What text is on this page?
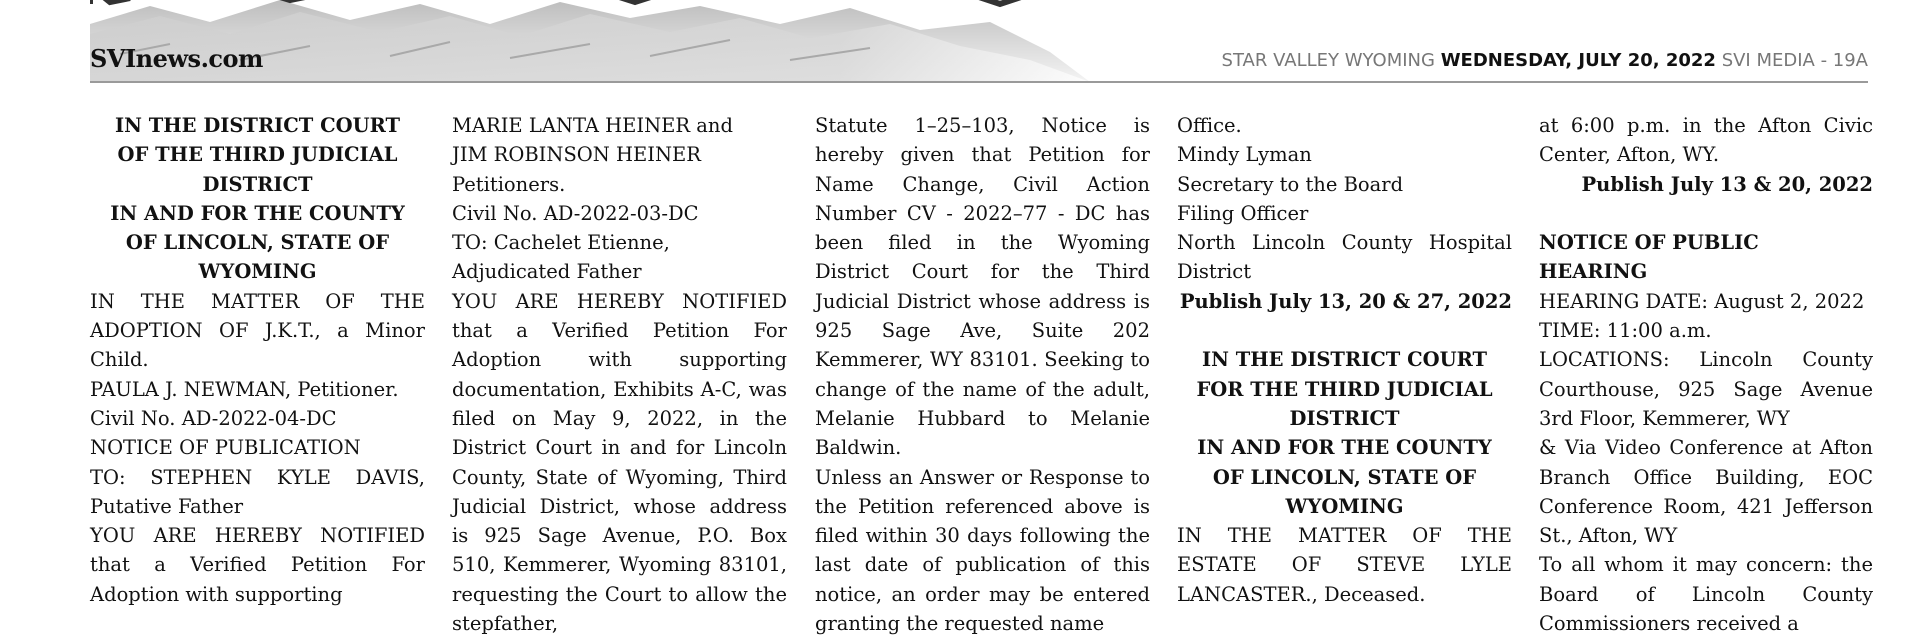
SVInews.com	STAR VALLEY WYOMING WEDNESDAY, JULY 20, 2022 SVI MEDIA - 19A

IN THE DISTRICT COURT

OF THE THIRD JUDICIAL

DISTRICT

IN AND FOR THE COUNTY

OF LINCOLN, STATE OF

WYOMING

IN THE MATTER OF THE ADOPTION OF J.K.T., a Minor Child.

PAULA J. NEWMAN, Petitioner.

Civil No. AD-2022-04-DC

NOTICE OF PUBLICATION

TO: STEPHEN KYLE DAVIS, Putative Father

YOU ARE HEREBY NOTIFIED that a Verified Petition For Adoption with supporting

MARIE LANTA HEINER and

JIM ROBINSON HEINER

Petitioners.

Civil No. AD-2022-03-DC

TO: Cachelet Etienne, Adjudicated Father

YOU ARE HEREBY NOTIFIED that a Verified Petition For Adoption with supporting documentation, Exhibits A-C, was filed on May 9, 2022, in the District Court in and for Lincoln County, State of Wyoming, Third Judicial District, whose address is 925 Sage Avenue, P.O. Box 510, Kemmerer, Wyoming 83101, requesting the Court to allow the stepfather,

Statute 1–25–103, Notice is hereby given that Petition for Name Change, Civil Action Number CV - 2022–77 - DC has been filed in the Wyoming District Court for the Third Judicial District whose address is 925 Sage Ave, Suite 202 Kemmerer, WY 83101. Seeking to change of the name of the adult, Melanie Hubbard to Melanie Baldwin.

Unless an Answer or Response to the Petition referenced above is filed within 30 days following the last date of publication of this notice, an order may be entered granting the requested name

Office.

Mindy Lyman

Secretary to the Board

Filing Officer

North Lincoln County Hospital District

Publish July 13, 20 & 27, 2022

IN THE DISTRICT COURT

FOR THE THIRD JUDICIAL

DISTRICT

IN AND FOR THE COUNTY

OF LINCOLN, STATE OF

WYOMING

IN THE MATTER OF THE ESTATE OF STEVE LYLE LANCASTER., Deceased.

at 6:00 p.m. in the Afton Civic Center, Afton, WY.

Publish July 13 & 20, 2022

NOTICE OF PUBLIC HEARING

HEARING DATE: August 2, 2022

TIME: 11:00 a.m.

LOCATIONS: Lincoln County Courthouse, 925 Sage Avenue 3rd Floor, Kemmerer, WY

& Via Video Conference at Afton Branch Office Building, EOC Conference Room, 421 Jefferson St., Afton, WY

To all whom it may concern: the Board of Lincoln County Commissioners received a
